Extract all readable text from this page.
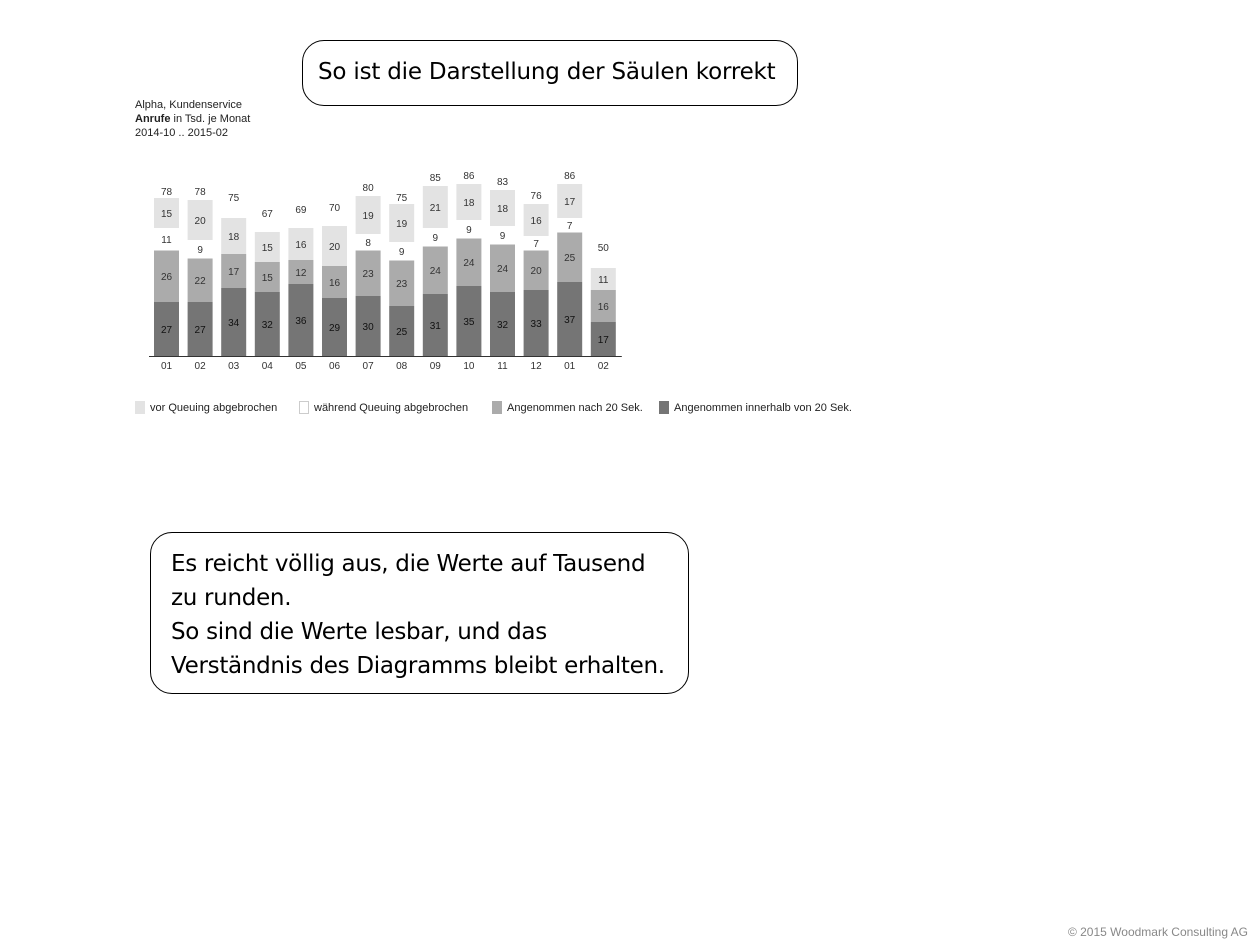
So ist die Darstellung der Säulen korrekt
Alpha, Kundenservice
Anrufe in Tsd. je Monat
2014-10 .. 2015-02
27
26
11
15
78
01
27
22
9
20
78
02
34
17
18
75
03
32
15
15
67
04
36
12
16
69
05
29
16
20
70
06
30
23
8
19
80
07
25
23
9
19
75
08
31
24
9
21
85
09
35
24
9
18
86
10
32
24
9
18
83
11
33
20
7
16
76
12
37
25
7
17
86
01
17
16
11
50
02
vor Queuing abgebrochen	während Queuing abgebrochen	Angenommen nach 20 Sek.	Angenommen innerhalb von 20 Sek.
Es reicht völlig aus, die Werte auf Tausend
zu runden.
So sind die Werte lesbar, und das
Verständnis des Diagramms bleibt erhalten.
© 2015 Woodmark Consulting AG
